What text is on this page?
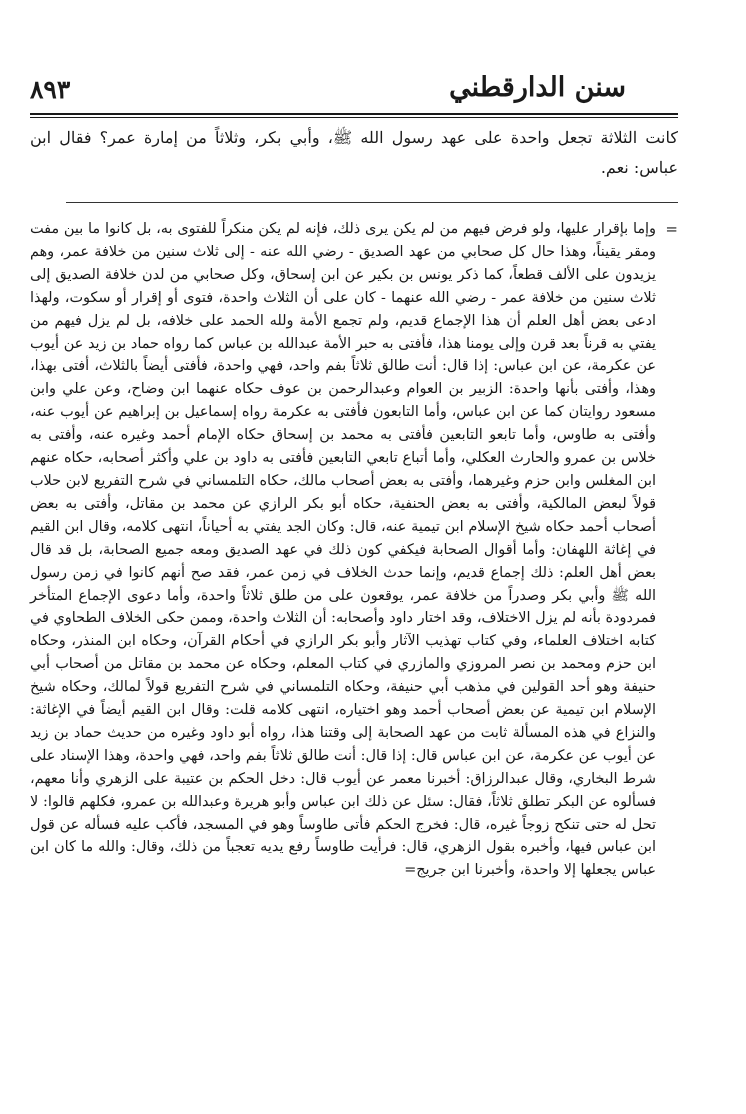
سنن الدارقطني
٨٩٣

كانت الثلاثة تجعل واحدة على عهد رسول الله ﷺ، وأبي بكر، وثلاثاً من إمارة عمر؟ فقال ابن عباس: نعم.

=
وإما بإقرار عليها، ولو فرض فيهم من لم يكن يرى ذلك، فإنه لم يكن منكراً للفتوى به، بل كانوا ما بين مفت ومقر يقيناً، وهذا حال كل صحابي من عهد الصديق - رضي الله عنه - إلى ثلاث سنين من خلافة عمر، وهم يزيدون على الألف قطعاً، كما ذكر يونس بن بكير عن ابن إسحاق، وكل صحابي من لدن خلافة الصديق إلى ثلاث سنين من خلافة عمر - رضي الله عنهما - كان على أن الثلاث واحدة، فتوى أو إقرار أو سكوت، ولهذا ادعى بعض أهل العلم أن هذا الإجماع قديم، ولم تجمع الأمة ولله الحمد على خلافه، بل لم يزل فيهم من يفتي به قرناً بعد قرن وإلى يومنا هذا، فأفتى به حبر الأمة عبدالله بن عباس كما رواه حماد بن زيد عن أيوب عن عكرمة، عن ابن عباس: إذا قال: أنت طالق ثلاثاً بفم واحد، فهي واحدة، فأفتى أيضاً بالثلاث، أفتى بهذا، وهذا، وأفتى بأنها واحدة: الزبير بن العوام وعبدالرحمن بن عوف حكاه عنهما ابن وضاح، وعن علي وابن مسعود روايتان كما عن ابن عباس، وأما التابعون فأفتى به عكرمة رواه إسماعيل بن إبراهيم عن أيوب عنه، وأفتى به طاوس، وأما تابعو التابعين فأفتى به محمد بن إسحاق حكاه الإمام أحمد وغيره عنه، وأفتى به خلاس بن عمرو والحارث العكلي، وأما أتباع تابعي التابعين فأفتى به داود بن علي وأكثر أصحابه، حكاه عنهم ابن المغلس وابن حزم وغيرهما، وأفتى به بعض أصحاب مالك، حكاه التلمساني في شرح التفريع لابن حلاب قولاً لبعض المالكية، وأفتى به بعض الحنفية، حكاه أبو بكر الرازي عن محمد بن مقاتل، وأفتى به بعض أصحاب أحمد حكاه شيخ الإسلام ابن تيمية عنه، قال: وكان الجد يفتي به أحياناً، انتهى كلامه، وقال ابن القيم في إغاثة اللهفان: وأما أقوال الصحابة فيكفي كون ذلك في عهد الصديق ومعه جميع الصحابة، بل قد قال بعض أهل العلم: ذلك إجماع قديم، وإنما حدث الخلاف في زمن عمر، فقد صح أنهم كانوا في زمن رسول الله ﷺ وأبي بكر وصدراً من خلافة عمر، يوقعون على من طلق ثلاثاً واحدة، وأما دعوى الإجماع المتأخر فمردودة بأنه لم يزل الاختلاف، وقد اختار داود وأصحابه: أن الثلاث واحدة، وممن حكى الخلاف الطحاوي في كتابه اختلاف العلماء، وفي كتاب تهذيب الآثار وأبو بكر الرازي في أحكام القرآن، وحكاه ابن المنذر، وحكاه ابن حزم ومحمد بن نصر المروزي والمازري في كتاب المعلم، وحكاه عن محمد بن مقاتل من أصحاب أبي حنيفة وهو أحد القولين في مذهب أبي حنيفة، وحكاه التلمساني في شرح التفريع قولاً لمالك، وحكاه شيخ الإسلام ابن تيمية عن بعض أصحاب أحمد وهو اختياره، انتهى كلامه قلت: وقال ابن القيم أيضاً في الإغاثة: والنزاع في هذه المسألة ثابت من عهد الصحابة إلى وقتنا هذا، رواه أبو داود وغيره من حديث حماد بن زيد عن أيوب عن عكرمة، عن ابن عباس قال: إذا قال: أنت طالق ثلاثاً بفم واحد، فهي واحدة، وهذا الإسناد على شرط البخاري، وقال عبدالرزاق: أخبرنا معمر عن أيوب قال: دخل الحكم بن عتيبة على الزهري وأنا معهم، فسألوه عن البكر تطلق ثلاثاً، فقال: سئل عن ذلك ابن عباس وأبو هريرة وعبدالله بن عمرو، فكلهم قالوا: لا تحل له حتى تنكح زوجاً غيره، قال: فخرج الحكم فأتى طاوساً وهو في المسجد، فأكب عليه فسأله عن قول ابن عباس فيها، وأخبره بقول الزهري، قال: فرأيت طاوساً رفع يديه تعجباً من ذلك، وقال: والله ما كان ابن عباس يجعلها إلا واحدة، وأخبرنا ابن جريج=
